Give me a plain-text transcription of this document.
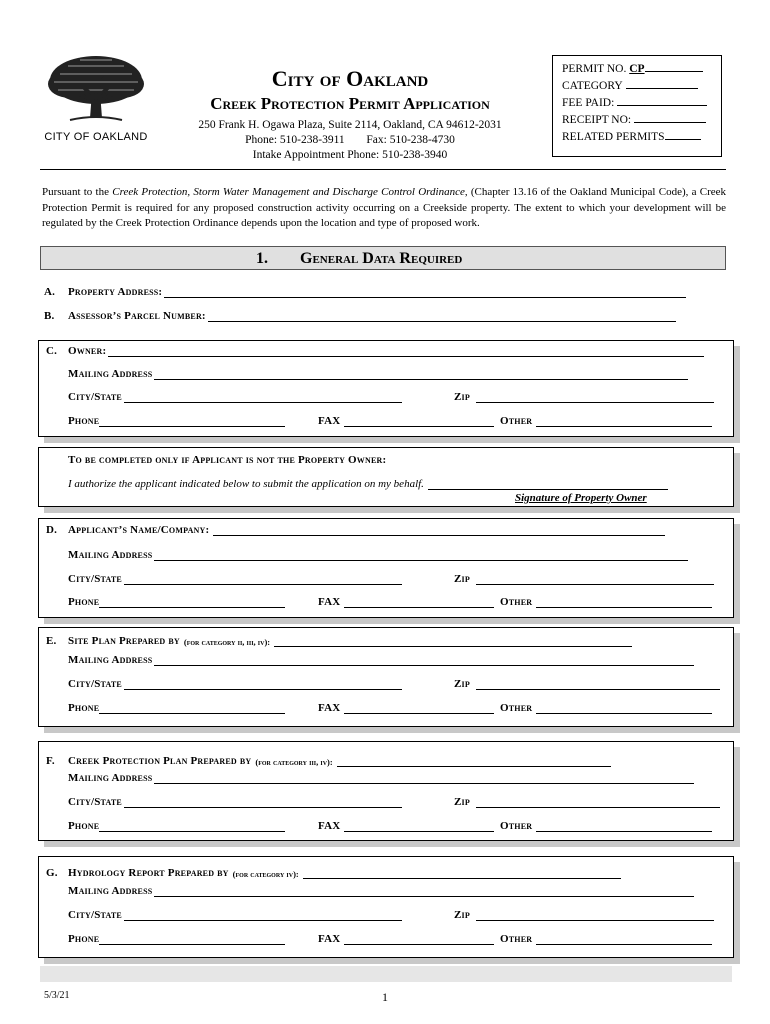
CITY OF OAKLAND
City of Oakland
Creek Protection Permit Application
250 Frank H. Ogawa Plaza, Suite 2114, Oakland, CA 94612-2031
Phone: 510-238-3911 Fax: 510-238-4730
Intake Appointment Phone: 510-238-3940
PERMIT NO. CP
CATEGORY
FEE PAID:
RECEIPT NO:
RELATED PERMITS
Pursuant to the Creek Protection, Storm Water Management and Discharge Control Ordinance, (Chapter 13.16 of the Oakland Municipal Code), a Creek Protection Permit is required for any proposed construction activity occurring on a Creekside property. The extent to which your development will be regulated by the Creek Protection Ordinance depends upon the location and type of proposed work.
1. General Data Required
A.	Property Address:
B.	Assessor’s Parcel Number:
C. Owner:
Mailing Address
City/State	Zip
Phone	FAX	Other
To be completed only if Applicant is not the Property Owner:
I authorize the applicant indicated below to submit the application on my behalf.
Signature of Property Owner
D. Applicant’s Name/Company:
Mailing Address
City/State	Zip
Phone	FAX	Other
E.	Site Plan Prepared by (for category ii, iii, iv):
Mailing Address
City/State	Zip
Phone	FAX	Other
F.	Creek Protection Plan Prepared by (for category iii, iv):
Mailing Address
City/State	Zip
Phone	FAX	Other
G. Hydrology Report Prepared by (for category iv):
Mailing Address
City/State	Zip
Phone	FAX	Other
5/3/21	1
